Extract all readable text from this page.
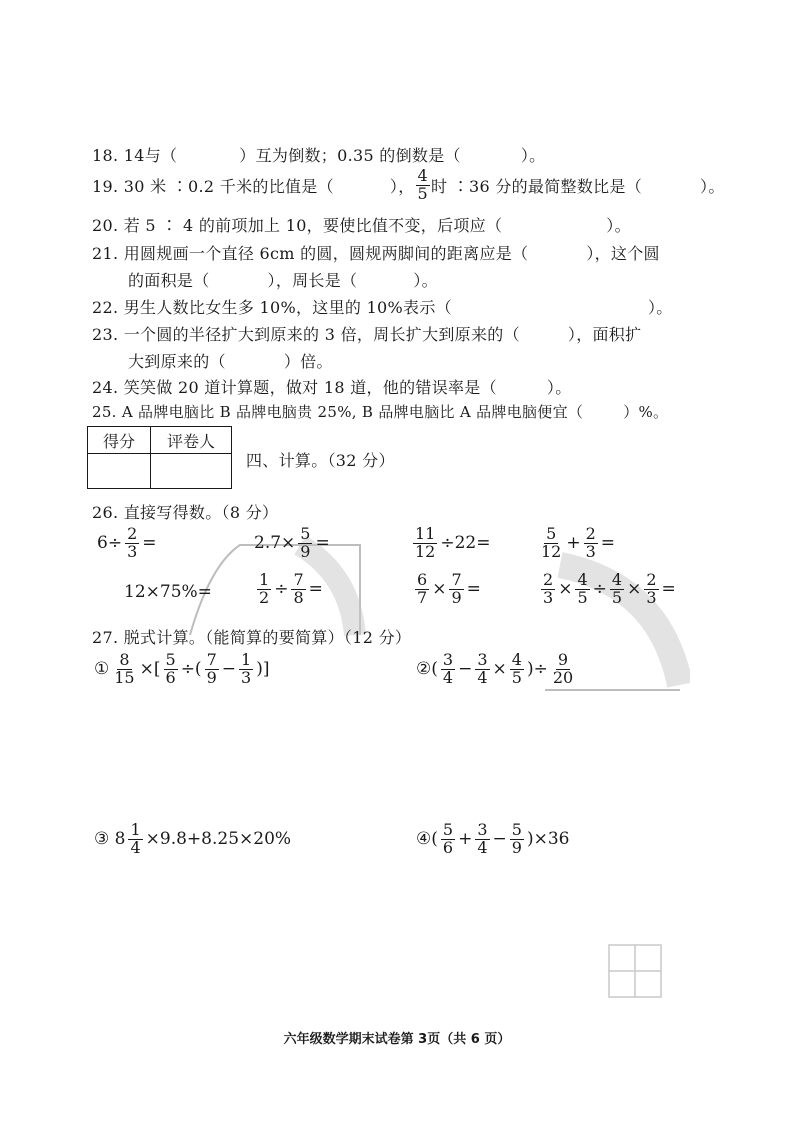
18. 14与（	）互为倒数；0.35 的倒数是（	）。
19. 30 米 ∶0.2 千米的比值是（	）， $\frac{4}{5}$ 时 ∶36 分的最简整数比是（	）。
20. 若 5 ∶ 4 的前项加上 10，要使比值不变，后项应（	）。
21. 用圆规画一个直径 6cm 的圆，圆规两脚间的距离应是（	），这个圆
的面积是（	），周长是（	）。
22. 男生人数比女生多 10%，这里的 10%表示（	）。
23. 一个圆的半径扩大到原来的 3 倍，周长扩大到原来的（	），面积扩
大到原来的（	）倍。
24. 笑笑做 20 道计算题，做对 18 道，他的错误率是（	）。
25. A 品牌电脑比 B 品牌电脑贵 25%, B 品牌电脑比 A 品牌电脑便宜（	）%。
得分	评卷人

四、计算。（32 分）
26. 直接写得数。（8 分）
$6\div \frac{2}{3}$ =	$2.7\times \frac{5}{9}$ =	$\frac{11}{12} \div 22=$	$\frac{5}{12} + \frac{2}{3}$ =
12×75%=	$\frac{1}{2} \div \frac{7}{8}$ =	$\frac{6}{7} \times \frac{7}{9}$ =	$\frac{2}{3} \times \frac{4}{5} \div \frac{4}{5} \times \frac{2}{3}$ =
27. 脱式计算。（能简算的要简算）（12 分）
① $\frac{8}{15}$ ×[ $\frac{5}{6}$ ÷( $\frac{7}{9} - \frac{1}{3}$ )]	②( $\frac{3}{4} - \frac{3}{4} \times \frac{4}{5}$ )÷ $\frac{9}{20}$
③ $8 \frac{1}{4} \times 9.8+8.25\times 20\%$	④( $\frac{5}{6} + \frac{3}{4} - \frac{5}{9} )\times 36$
六年级数学期末试卷第 3页（共 6 页）
